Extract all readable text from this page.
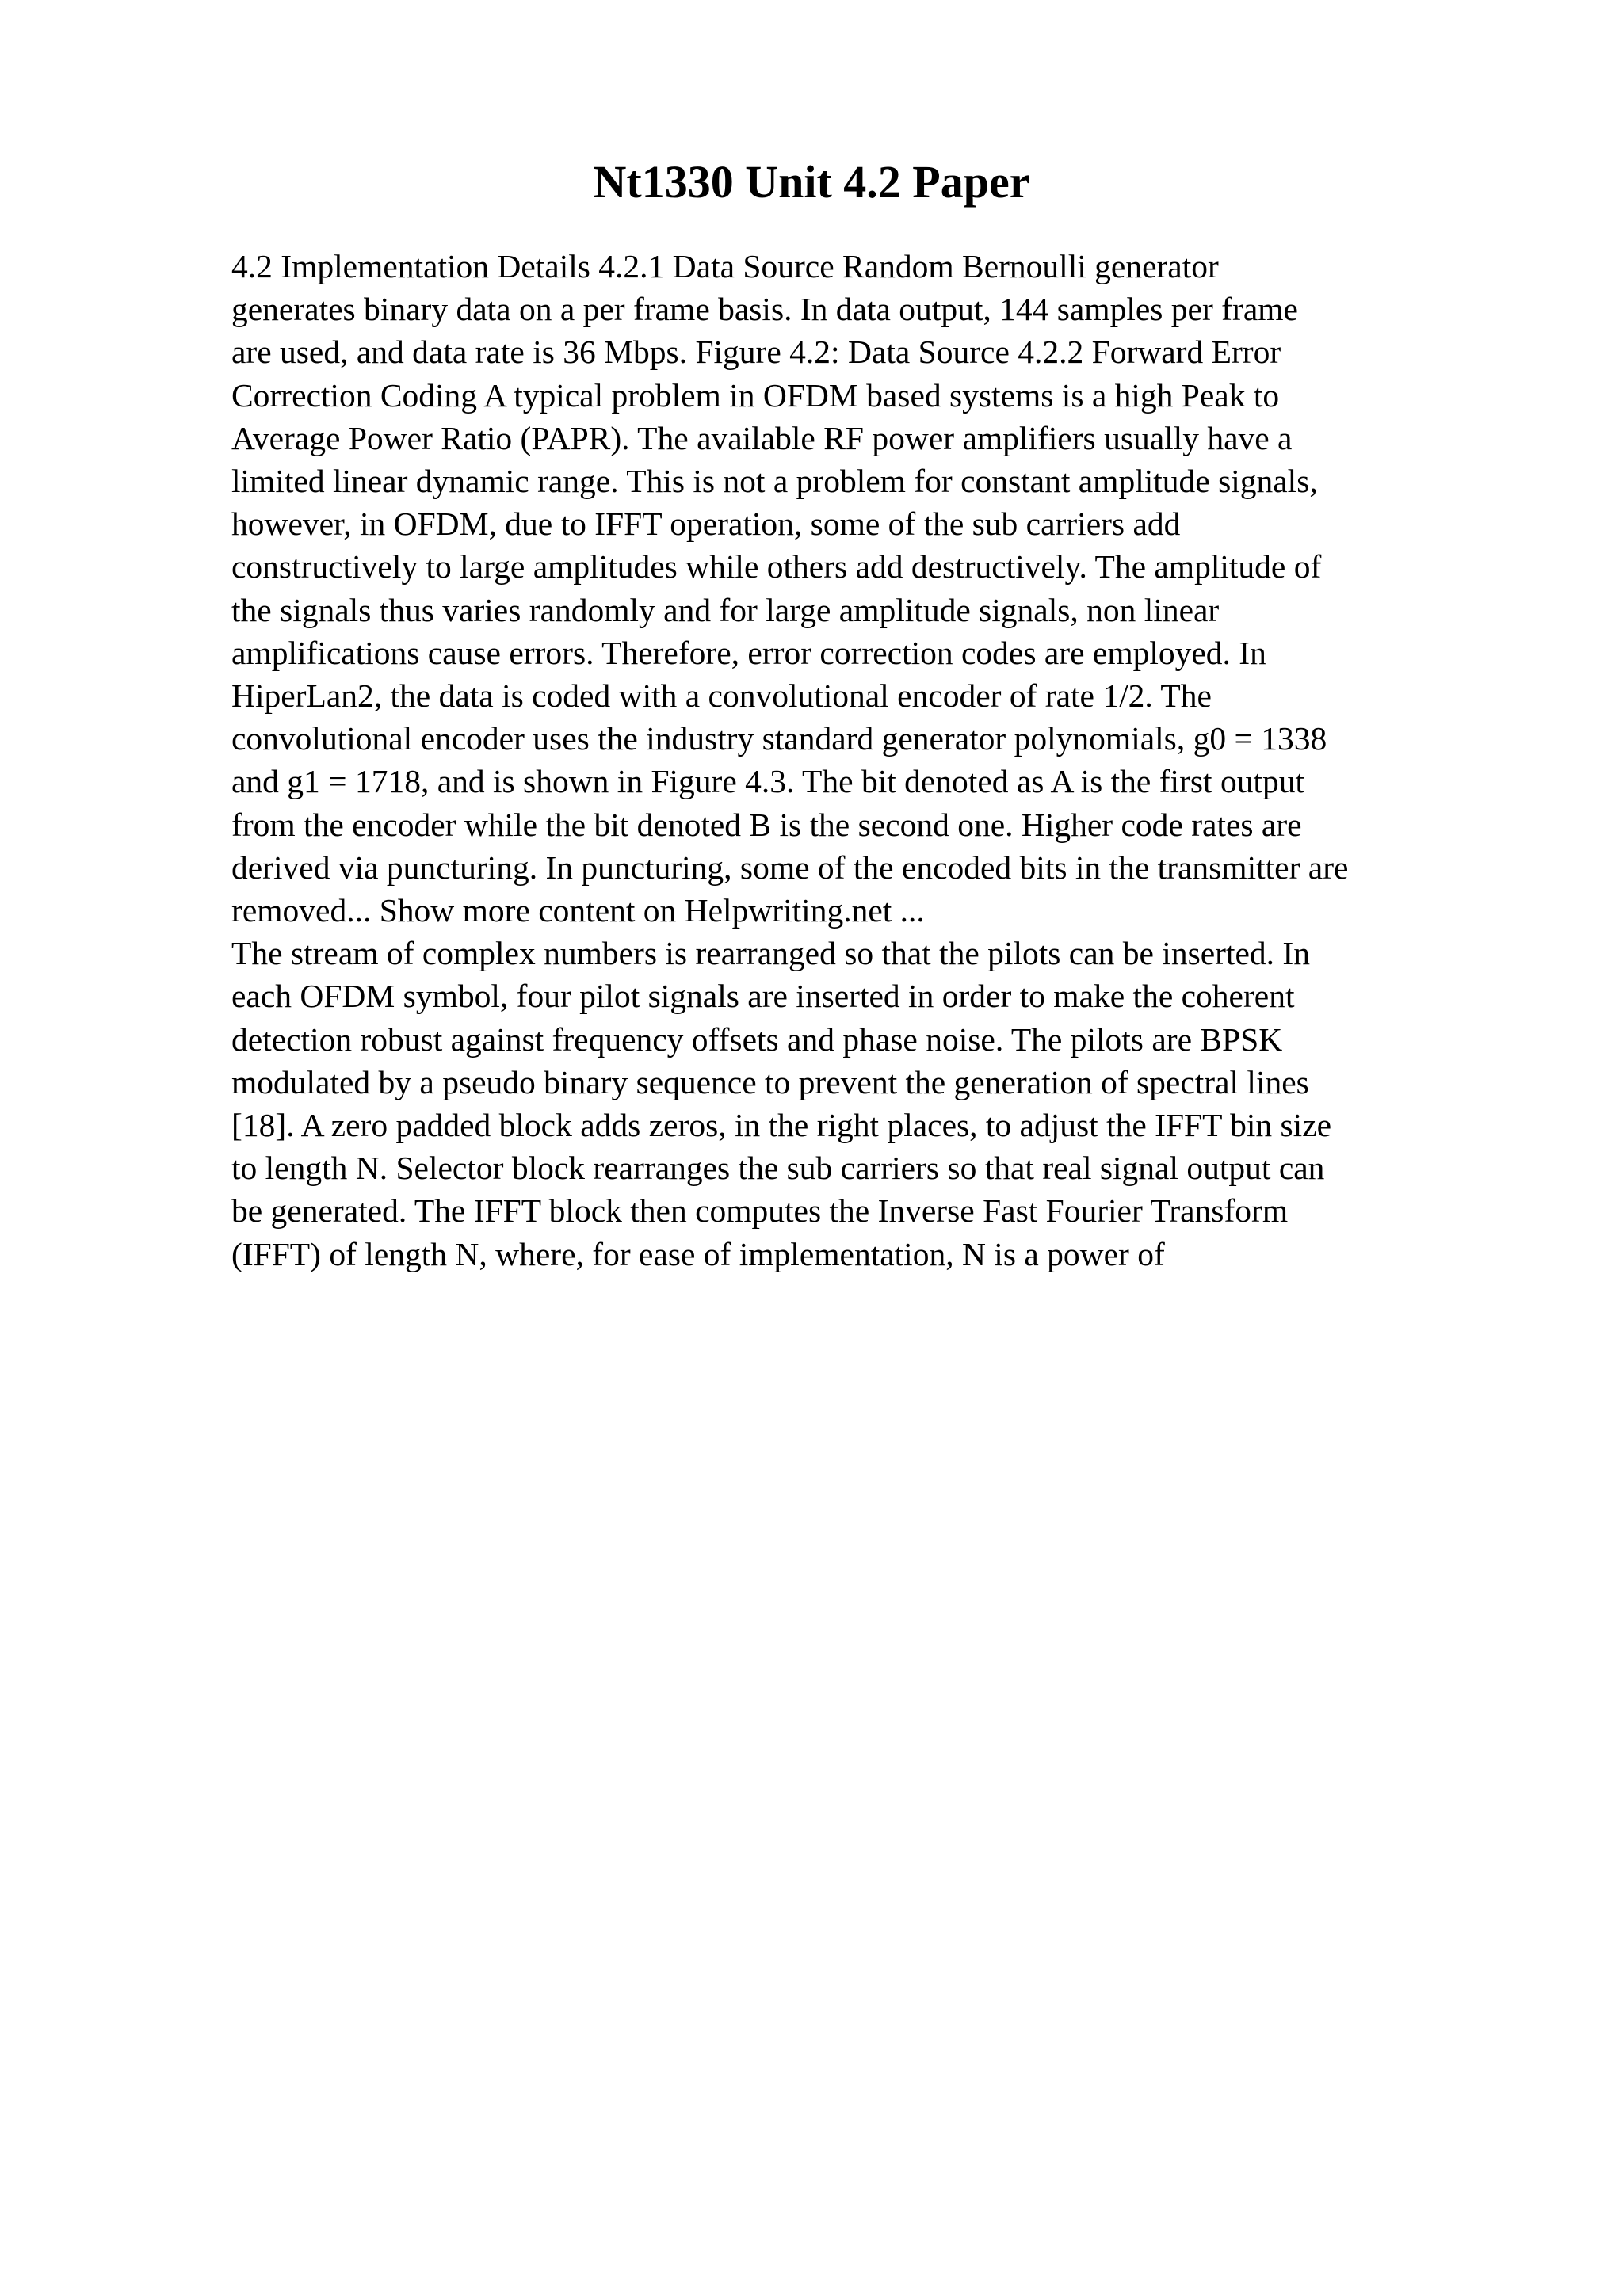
Nt1330 Unit 4.2 Paper

4.2 Implementation Details 4.2.1 Data Source Random Bernoulli generator
generates binary data on a per frame basis. In data output, 144 samples per frame
are used, and data rate is 36 Mbps. Figure 4.2: Data Source 4.2.2 Forward Error
Correction Coding A typical problem in OFDM based systems is a high Peak to
Average Power Ratio (PAPR). The available RF power amplifiers usually have a
limited linear dynamic range. This is not a problem for constant amplitude signals,
however, in OFDM, due to IFFT operation, some of the sub carriers add
constructively to large amplitudes while others add destructively. The amplitude of
the signals thus varies randomly and for large amplitude signals, non linear
amplifications cause errors. Therefore, error correction codes are employed. In
HiperLan2, the data is coded with a convolutional encoder of rate 1/2. The
convolutional encoder uses the industry standard generator polynomials, g0 = 1338
and g1 = 1718, and is shown in Figure 4.3. The bit denoted as A is the first output
from the encoder while the bit denoted B is the second one. Higher code rates are
derived via puncturing. In puncturing, some of the encoded bits in the transmitter are
removed... Show more content on Helpwriting.net ...

The stream of complex numbers is rearranged so that the pilots can be inserted. In
each OFDM symbol, four pilot signals are inserted in order to make the coherent
detection robust against frequency offsets and phase noise. The pilots are BPSK
modulated by a pseudo binary sequence to prevent the generation of spectral lines
[18]. A zero padded block adds zeros, in the right places, to adjust the IFFT bin size
to length N. Selector block rearranges the sub carriers so that real signal output can
be generated. The IFFT block then computes the Inverse Fast Fourier Transform
(IFFT) of length N, where, for ease of implementation, N is a power of
